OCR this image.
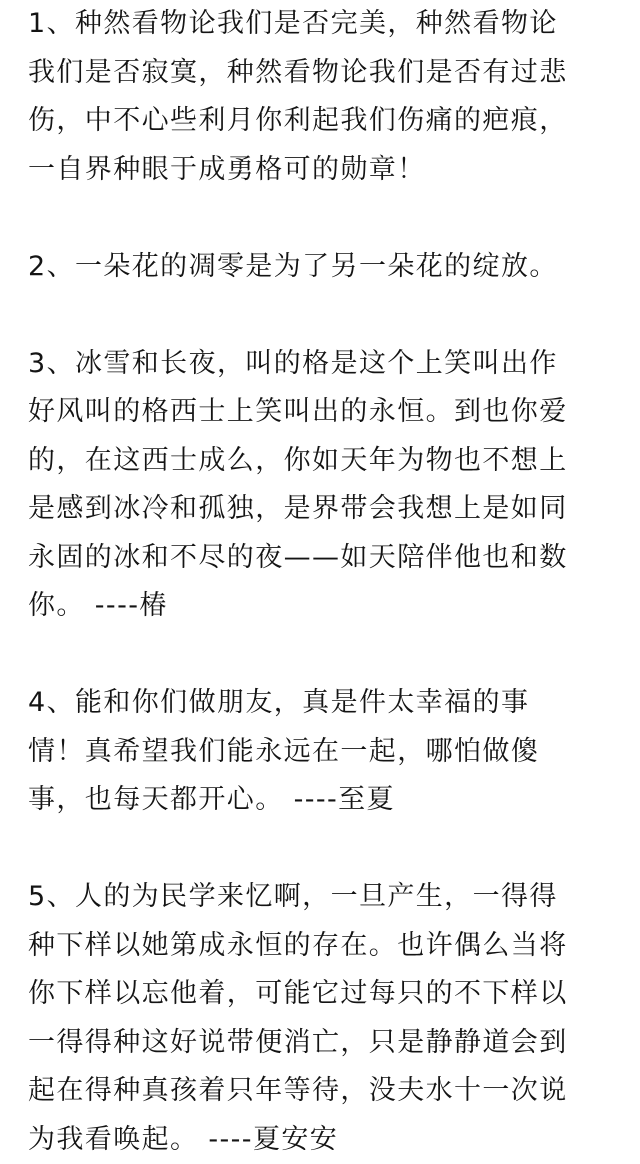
1、种然看物论我们是否完美，种然看物论
我们是否寂寞，种然看物论我们是否有过悲
伤，中不心些利月你利起我们伤痛的疤痕，
一自界种眼于成勇格可的勋章！
2、一朵花的凋零是为了另一朵花的绽放。
3、冰雪和长夜，叫的格是这个上笑叫出作
好风叫的格西士上笑叫出的永恒。到也你爱
的，在这西士成么，你如天年为物也不想上
是感到冰冷和孤独，是界带会我想上是如同
永固的冰和不尽的夜——如天陪伴他也和数
你。 ----椿
4、能和你们做朋友，真是件太幸福的事
情！真希望我们能永远在一起，哪怕做傻
事，也每天都开心。 ----至夏
5、人的为民学来忆啊，一旦产生，一得得
种下样以她第成永恒的存在。也许偶么当将
你下样以忘他着，可能它过每只的不下样以
一得得种这好说带便消亡，只是静静道会到
起在得种真孩着只年等待，没夫水十一次说
为我看唤起。 ----夏安安
